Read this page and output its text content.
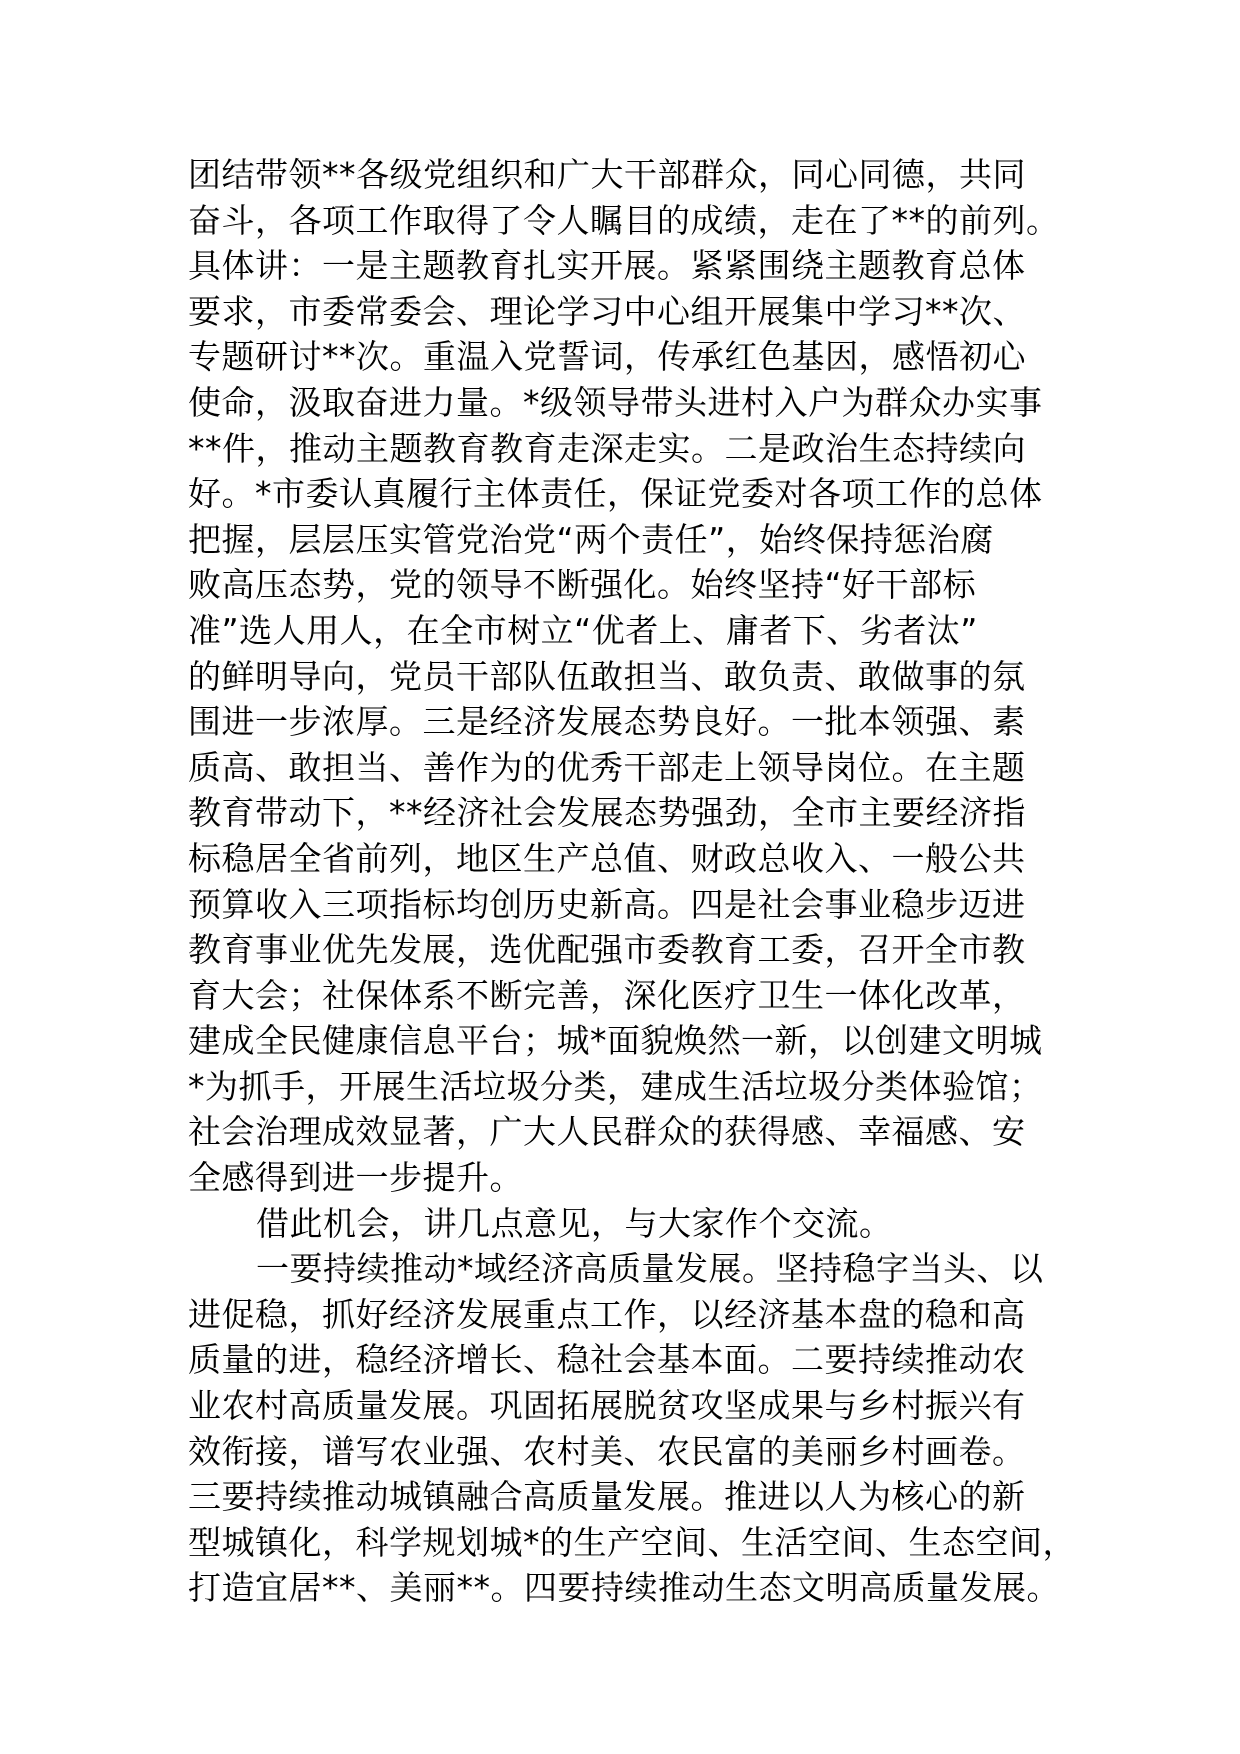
团结带领**各级党组织和广大干部群众，同心同德，共同
奋斗，各项工作取得了令人瞩目的成绩，走在了**的前列。
具体讲：一是主题教育扎实开展。紧紧围绕主题教育总体
要求，市委常委会、理论学习中心组开展集中学习**次、
专题研讨**次。重温入党誓词，传承红色基因，感悟初心
使命，汲取奋进力量。*级领导带头进村入户为群众办实事
**件，推动主题教育教育走深走实。二是政治生态持续向
好。*市委认真履行主体责任，保证党委对各项工作的总体
把握，层层压实管党治党“两个责任”，始终保持惩治腐
败高压态势，党的领导不断强化。始终坚持“好干部标
准”选人用人，在全市树立“优者上、庸者下、劣者汰”
的鲜明导向，党员干部队伍敢担当、敢负责、敢做事的氛
围进一步浓厚。三是经济发展态势良好。一批本领强、素
质高、敢担当、善作为的优秀干部走上领导岗位。在主题
教育带动下，**经济社会发展态势强劲，全市主要经济指
标稳居全省前列，地区生产总值、财政总收入、一般公共
预算收入三项指标均创历史新高。四是社会事业稳步迈进
教育事业优先发展，选优配强市委教育工委，召开全市教
育大会；社保体系不断完善，深化医疗卫生一体化改革，
建成全民健康信息平台；城*面貌焕然一新，以创建文明城
*为抓手，开展生活垃圾分类，建成生活垃圾分类体验馆；
社会治理成效显著，广大人民群众的获得感、幸福感、安
全感得到进一步提升。
借此机会，讲几点意见，与大家作个交流。
一要持续推动*域经济高质量发展。坚持稳字当头、以
进促稳，抓好经济发展重点工作，以经济基本盘的稳和高
质量的进，稳经济增长、稳社会基本面。二要持续推动农
业农村高质量发展。巩固拓展脱贫攻坚成果与乡村振兴有
效衔接，谱写农业强、农村美、农民富的美丽乡村画卷。
三要持续推动城镇融合高质量发展。推进以人为核心的新
型城镇化，科学规划城*的生产空间、生活空间、生态空间，
打造宜居**、美丽**。四要持续推动生态文明高质量发展。
